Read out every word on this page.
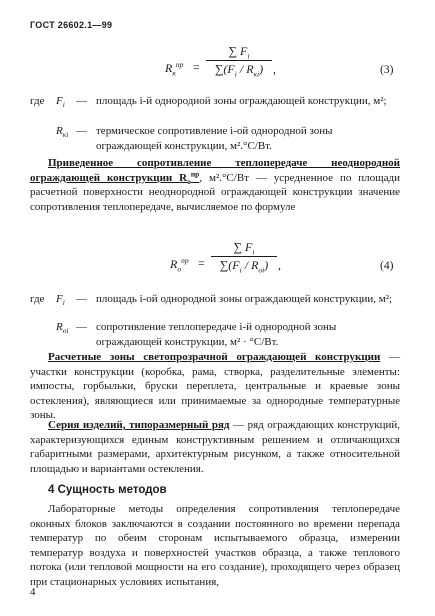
ГОСТ 26602.1—99
$R_к^{пр}$ =
∑ $F_i$
$\sum(F_i / R_{кi})$ ,	(3)
где $F_i$ — площадь i-й однородной зоны ограждающей конструкции, м²;
$R_{кi}$ — термическое сопротивление i-ой однородной зоны ограждающей конструкции, м².°С/Вт.
Приведенное сопротивление теплопередаче неоднородной ограждающей конструкции $R_о^{пр}$, м².°С/Вт — усредненное по площади расчетной поверхности неоднородной ограждающей конструкции значение сопротивления теплопередаче, вычисляемое по формуле
$R_о^{пр}$ =
∑ $F_i$
$\sum(F_i / R_{оi})$ ,	(4)
где $F_i$ — площадь i-ой однородной зоны ограждающей конструкции, м²;
$R_{оi}$ — сопротивление теплопередаче i-й однородной зоны ограждающей конструкции, м² · °С/Вт.
Расчетные зоны светопрозрачной ограждающей конструкции — участки конструкции (коробка, рама, створка, разделительные элементы: импосты, горбыльки, бруски переплета, центральные и краевые зоны остекления), являющиеся или принимаемые за однородные температурные зоны.
Серия изделий, типоразмерный ряд — ряд ограждающих конструкций, характеризующихся единым конструктивным решением и отличающихся габаритными размерами, архитектурным рисунком, а также относительной площадью и вариантами остекления.
4 Сущность методов
Лабораторные методы определения сопротивления теплопередаче оконных блоков заключаются в создании постоянного во времени перепада температур по обеим сторонам испытываемого образца, измерении температур воздуха и поверхностей участков образца, а также теплового потока (или тепловой мощности на его создание), проходящего через образец при стационарных условиях испытания,
4
